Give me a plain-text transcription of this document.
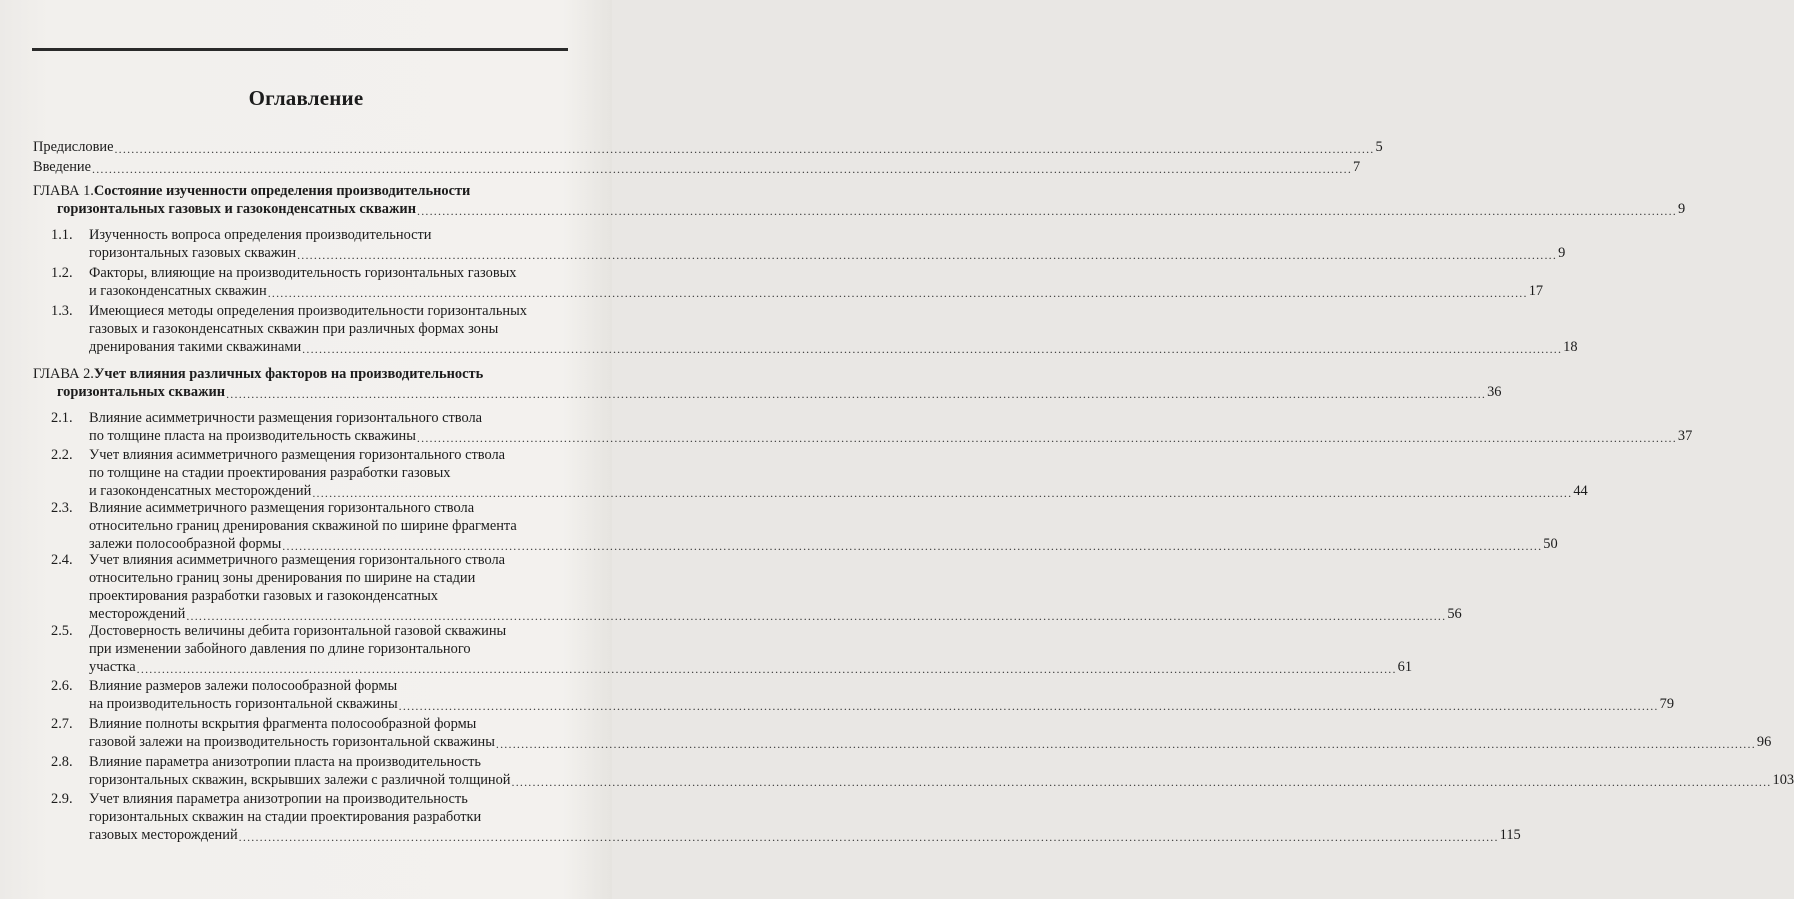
Оглавление
Предисловие ............................................................................................................................................................................................................................................................................................................ 5
Введение ............................................................................................................................................................................................................................................................................................................ 7
ГЛАВА 1. Состояние изученности определения производительности
горизонтальных газовых и газоконденсатных скважин ............................................................................................................................................................................................................................................................................................................ 9
1.1. Изученность вопроса определения производительности
горизонтальных газовых скважин ............................................................................................................................................................................................................................................................................................................ 9
1.2. Факторы, влияющие на производительность горизонтальных газовых
и газоконденсатных скважин ............................................................................................................................................................................................................................................................................................................ 17
1.3. Имеющиеся методы определения производительности горизонтальных
газовых и газоконденсатных скважин при различных формах зоны
дренирования такими скважинами ............................................................................................................................................................................................................................................................................................................ 18
ГЛАВА 2. Учет влияния различных факторов на производительность
горизонтальных скважин ............................................................................................................................................................................................................................................................................................................ 36
2.1. Влияние асимметричности размещения горизонтального ствола
по толщине пласта на производительность скважины ............................................................................................................................................................................................................................................................................................................ 37
2.2. Учет влияния асимметричного размещения горизонтального ствола
по толщине на стадии проектирования разработки газовых
и газоконденсатных месторождений ............................................................................................................................................................................................................................................................................................................ 44
2.3. Влияние асимметричного размещения горизонтального ствола
относительно границ дренирования скважиной по ширине фрагмента
залежи полосообразной формы ............................................................................................................................................................................................................................................................................................................ 50
2.4. Учет влияния асимметричного размещения горизонтального ствола
относительно границ зоны дренирования по ширине на стадии
проектирования разработки газовых и газоконденсатных
месторождений ............................................................................................................................................................................................................................................................................................................ 56
2.5. Достоверность величины дебита горизонтальной газовой скважины
при изменении забойного давления по длине горизонтального
участка ............................................................................................................................................................................................................................................................................................................ 61
2.6. Влияние размеров залежи полосообразной формы
на производительность горизонтальной скважины ............................................................................................................................................................................................................................................................................................................ 79
2.7. Влияние полноты вскрытия фрагмента полосообразной формы
газовой залежи на производительность горизонтальной скважины ............................................................................................................................................................................................................................................................................................................ 96
2.8. Влияние параметра анизотропии пласта на производительность
горизонтальных скважин, вскрывших залежи с различной толщиной ............................................................................................................................................................................................................................................................................................................ 103
2.9. Учет влияния параметра анизотропии на производительность
горизонтальных скважин на стадии проектирования разработки
газовых месторождений ............................................................................................................................................................................................................................................................................................................ 115
